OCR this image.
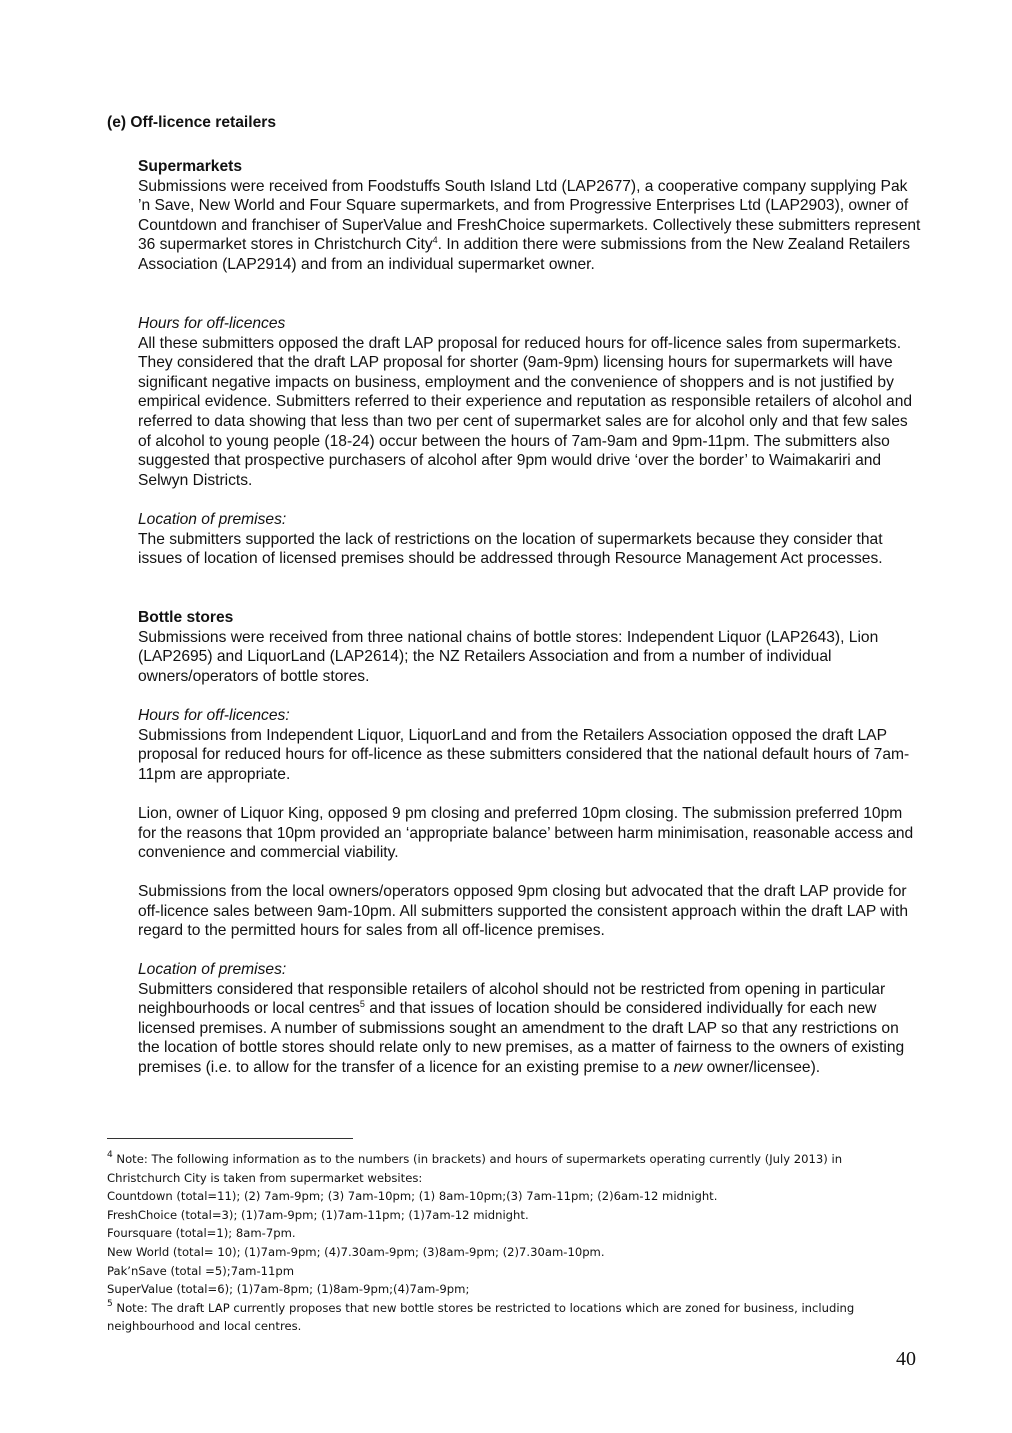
(e) Off-licence retailers
Supermarkets

Submissions were received from Foodstuffs South Island Ltd (LAP2677), a cooperative company supplying Pak ’n Save, New World and Four Square supermarkets, and from Progressive Enterprises Ltd (LAP2903), owner of Countdown and franchiser of SuperValue and FreshChoice supermarkets. Collectively these submitters represent 36 supermarket stores in Christchurch City$^4$. In addition there were submissions from the New Zealand Retailers Association (LAP2914) and from an individual supermarket owner.

Hours for off-licences

All these submitters opposed the draft LAP proposal for reduced hours for off-licence sales from supermarkets. They considered that the draft LAP proposal for shorter (9am-9pm) licensing hours for supermarkets will have significant negative impacts on business, employment and the convenience of shoppers and is not justified by empirical evidence. Submitters referred to their experience and reputation as responsible retailers of alcohol and referred to data showing that less than two per cent of supermarket sales are for alcohol only and that few sales of alcohol to young people (18-24) occur between the hours of 7am-9am and 9pm-11pm. The submitters also suggested that prospective purchasers of alcohol after 9pm would drive ‘over the border’ to Waimakariri and Selwyn Districts.

Location of premises:

The submitters supported the lack of restrictions on the location of supermarkets because they consider that issues of location of licensed premises should be addressed through Resource Management Act processes.

Bottle stores

Submissions were received from three national chains of bottle stores: Independent Liquor (LAP2643), Lion (LAP2695) and LiquorLand (LAP2614); the NZ Retailers Association and from a number of individual owners/operators of bottle stores.

Hours for off-licences:

Submissions from Independent Liquor, LiquorLand and from the Retailers Association opposed the draft LAP proposal for reduced hours for off-licence as these submitters considered that the national default hours of 7am-11pm are appropriate.

Lion, owner of Liquor King, opposed 9 pm closing and preferred 10pm closing. The submission preferred 10pm for the reasons that 10pm provided an ‘appropriate balance’ between harm minimisation, reasonable access and convenience and commercial viability.

Submissions from the local owners/operators opposed 9pm closing but advocated that the draft LAP provide for off-licence sales between 9am-10pm. All submitters supported the consistent approach within the draft LAP with regard to the permitted hours for sales from all off-licence premises.

Location of premises:

Submitters considered that responsible retailers of alcohol should not be restricted from opening in particular neighbourhoods or local centres$^5$ and that issues of location should be considered individually for each new licensed premises. A number of submissions sought an amendment to the draft LAP so that any restrictions on the location of bottle stores should relate only to new premises, as a matter of fairness to the owners of existing premises (i.e. to allow for the transfer of a licence for an existing premise to a new owner/licensee).

$^4$ Note: The following information as to the numbers (in brackets) and hours of supermarkets operating currently (July 2013) in Christchurch City is taken from supermarket websites:
Countdown (total=11); (2) 7am-9pm; (3) 7am-10pm; (1) 8am-10pm;(3) 7am-11pm; (2)6am-12 midnight.
FreshChoice (total=3); (1)7am-9pm; (1)7am-11pm; (1)7am-12 midnight.
Foursquare (total=1); 8am-7pm.
New World (total= 10); (1)7am-9pm; (4)7.30am-9pm; (3)8am-9pm; (2)7.30am-10pm.
Pak’nSave (total =5);7am-11pm
SuperValue (total=6); (1)7am-8pm; (1)8am-9pm;(4)7am-9pm;
$^5$ Note: The draft LAP currently proposes that new bottle stores be restricted to locations which are zoned for business, including neighbourhood and local centres.
40
